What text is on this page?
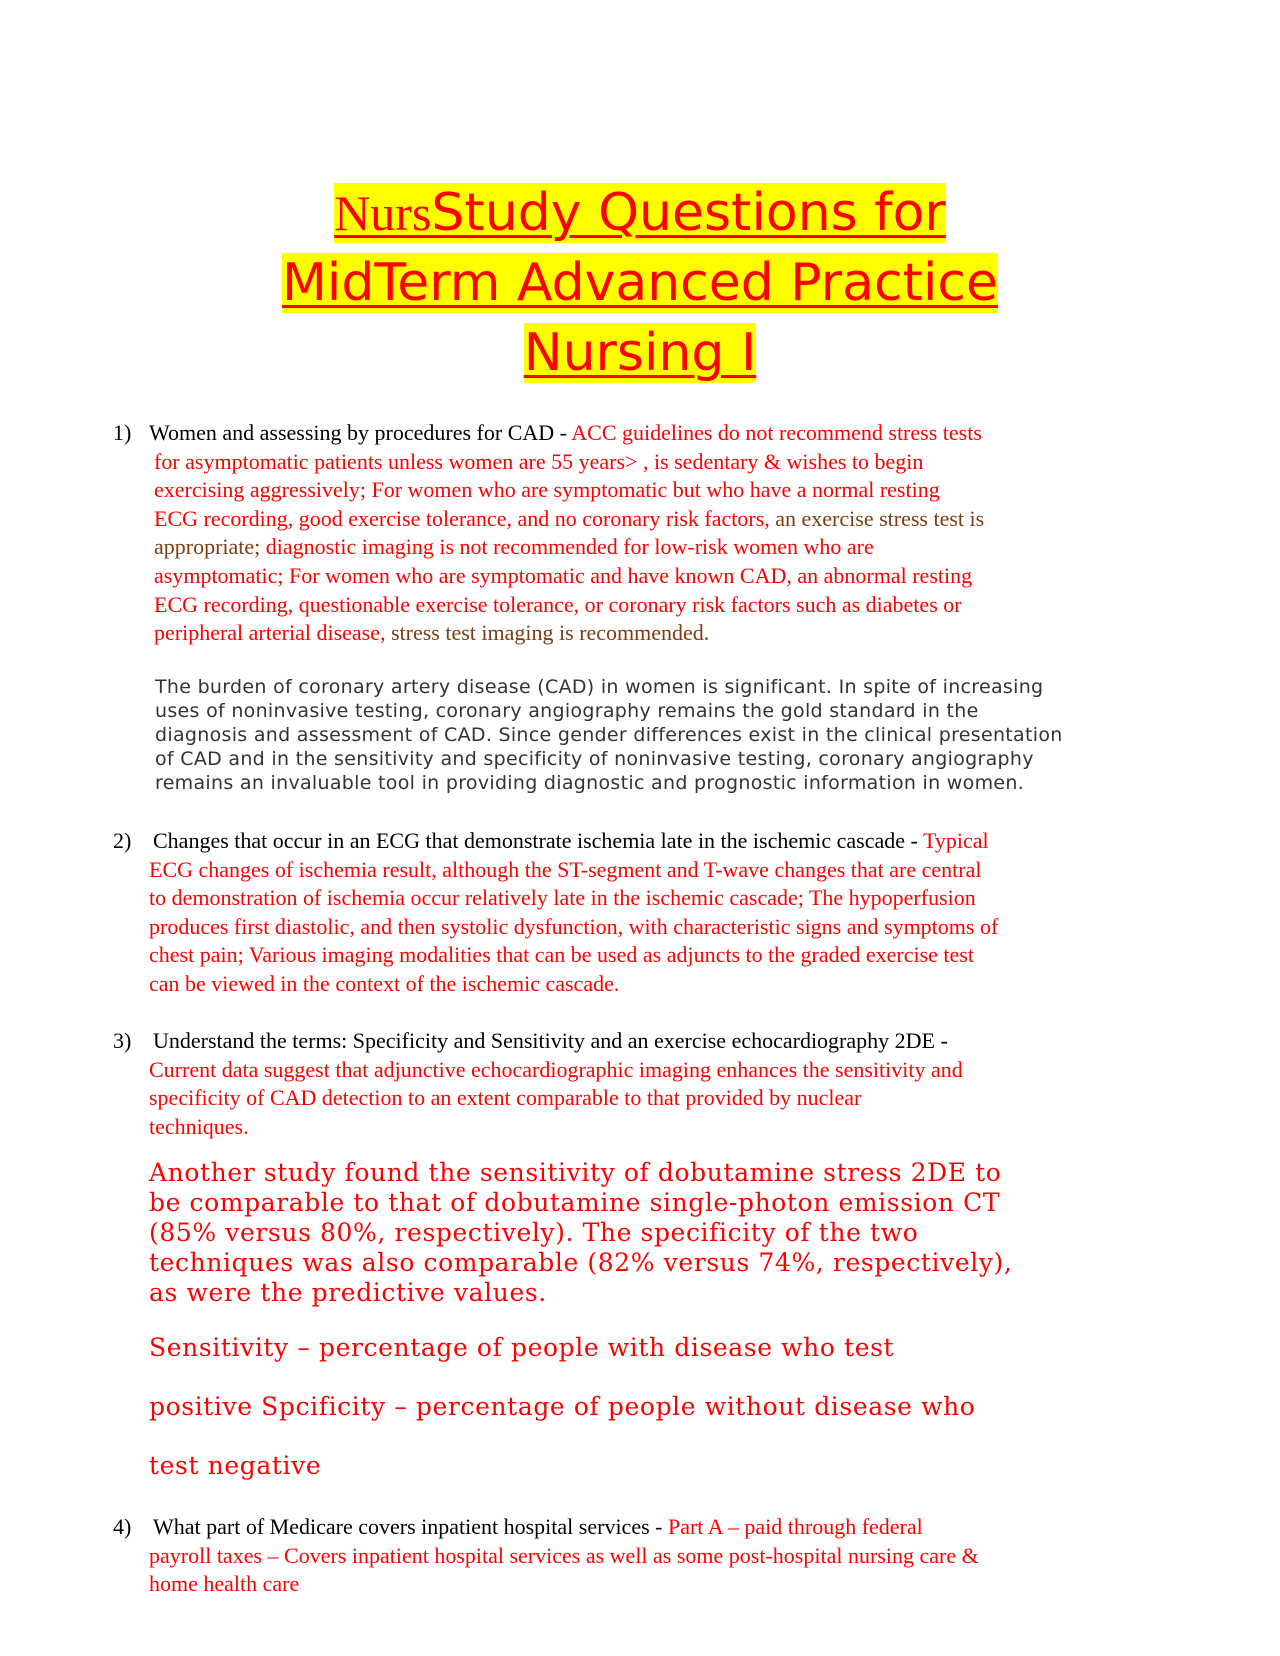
NursStudy Questions for
MidTerm Advanced Practice
Nursing I
1) Women and assessing by procedures for CAD - ACC guidelines do not recommend stress tests
for asymptomatic patients unless women are 55 years> , is sedentary & wishes to begin
exercising aggressively; For women who are symptomatic but who have a normal resting
ECG recording, good exercise tolerance, and no coronary risk factors, an exercise stress test is
appropriate; diagnostic imaging is not recommended for low-risk women who are
asymptomatic; For women who are symptomatic and have known CAD, an abnormal resting
ECG recording, questionable exercise tolerance, or coronary risk factors such as diabetes or
peripheral arterial disease, stress test imaging is recommended.
The burden of coronary artery disease (CAD) in women is significant. In spite of increasing
uses of noninvasive testing, coronary angiography remains the gold standard in the
diagnosis and assessment of CAD. Since gender differences exist in the clinical presentation
of CAD and in the sensitivity and specificity of noninvasive testing, coronary angiography
remains an invaluable tool in providing diagnostic and prognostic information in women.
2) Changes that occur in an ECG that demonstrate ischemia late in the ischemic cascade - Typical
ECG changes of ischemia result, although the ST-segment and T-wave changes that are central
to demonstration of ischemia occur relatively late in the ischemic cascade; The hypoperfusion
produces first diastolic, and then systolic dysfunction, with characteristic signs and symptoms of
chest pain; Various imaging modalities that can be used as adjuncts to the graded exercise test
can be viewed in the context of the ischemic cascade.
3) Understand the terms: Specificity and Sensitivity and an exercise echocardiography 2DE -
Current data suggest that adjunctive echocardiographic imaging enhances the sensitivity and
specificity of CAD detection to an extent comparable to that provided by nuclear
techniques.
Another study found the sensitivity of dobutamine stress 2DE to
be comparable to that of dobutamine single-photon emission CT
(85% versus 80%, respectively). The specificity of the two
techniques was also comparable (82% versus 74%, respectively),
as were the predictive values.
Sensitivity – percentage of people with disease who test
positive Spcificity – percentage of people without disease who
test negative
4) What part of Medicare covers inpatient hospital services - Part A – paid through federal
payroll taxes – Covers inpatient hospital services as well as some post-hospital nursing care &
home health care
